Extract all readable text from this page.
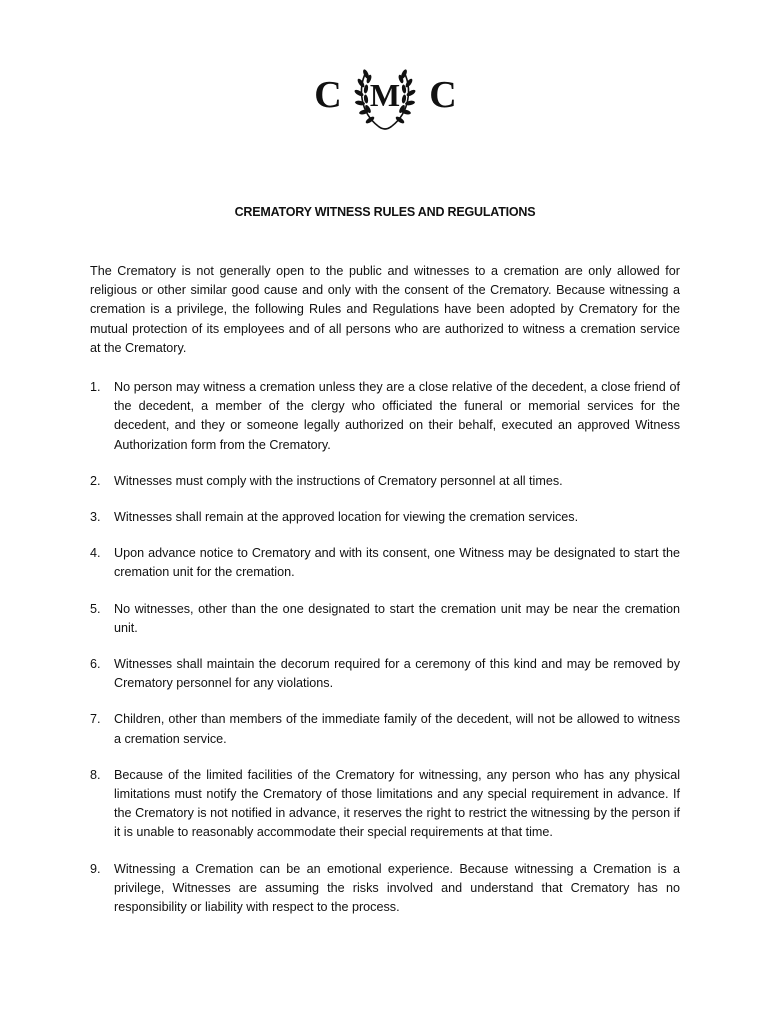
C M C
CREMATORY WITNESS RULES AND REGULATIONS

The Crematory is not generally open to the public and witnesses to a cremation are only allowed for religious or other similar good cause and only with the consent of the Crematory. Because witnessing a cremation is a privilege, the following Rules and Regulations have been adopted by Crematory for the mutual protection of its employees and of all persons who are authorized to witness a cremation service at the Crematory.

1. No person may witness a cremation unless they are a close relative of the decedent, a close friend of the decedent, a member of the clergy who officiated the funeral or memorial services for the decedent, and they or someone legally authorized on their behalf, executed an approved Witness Authorization form from the Crematory.
2. Witnesses must comply with the instructions of Crematory personnel at all times.
3. Witnesses shall remain at the approved location for viewing the cremation services.
4. Upon advance notice to Crematory and with its consent, one Witness may be designated to start the cremation unit for the cremation.
5. No witnesses, other than the one designated to start the cremation unit may be near the cremation unit.
6. Witnesses shall maintain the decorum required for a ceremony of this kind and may be removed by Crematory personnel for any violations.
7. Children, other than members of the immediate family of the decedent, will not be allowed to witness a cremation service.
8. Because of the limited facilities of the Crematory for witnessing, any person who has any physical limitations must notify the Crematory of those limitations and any special requirement in advance. If the Crematory is not notified in advance, it reserves the right to restrict the witnessing by the person if it is unable to reasonably accommodate their special requirements at that time.
9. Witnessing a Cremation can be an emotional experience. Because witnessing a Cremation is a privilege, Witnesses are assuming the risks involved and understand that Crematory has no responsibility or liability with respect to the process.
